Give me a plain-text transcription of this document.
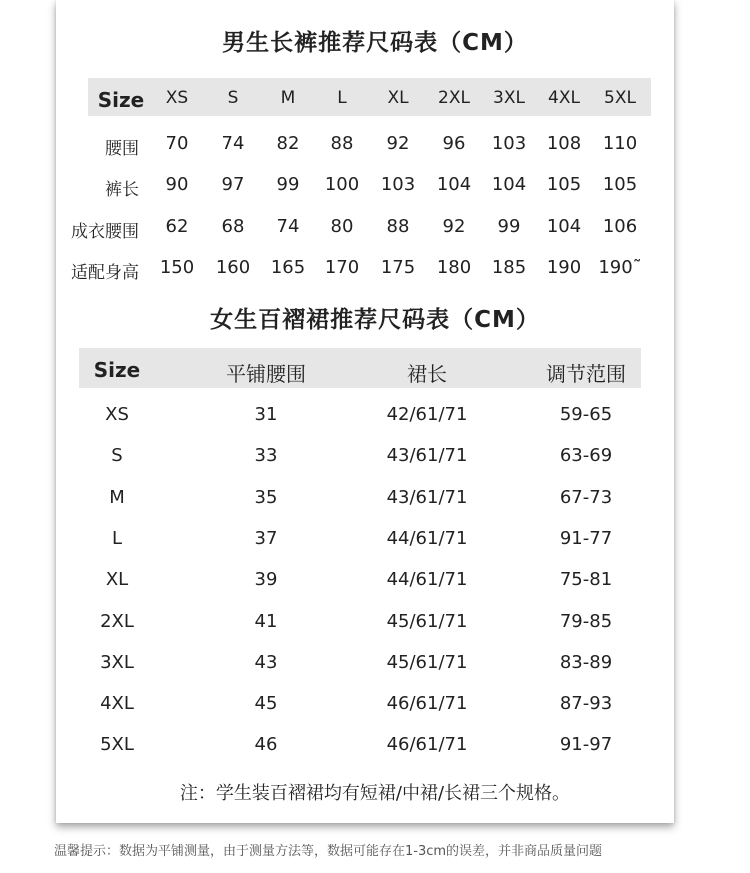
男生长裤推荐尺码表（CM）
Size XS S M L XL 2XL 3XL 4XL 5XL
腰围 70 74 82 88 92 96 103 108 110
裤长 90 97 99 100 103 104 104 105 105
成衣腰围 62 68 74 80 88 92 99 104 106
适配身高 150 160 165 170 175 180 185 190 190˜
女生百褶裙推荐尺码表（CM）
Size	平铺腰围	裙长	调节范围
XS	31	42/61/71	59-65
S	33	43/61/71	63-69
M	35	43/61/71	67-73
L	37	44/61/71	91-77
XL	39	44/61/71	75-81
2XL	41	45/61/71	79-85
3XL	43	45/61/71	83-89
4XL	45	46/61/71	87-93
5XL	46	46/61/71	91-97
注：学生装百褶裙均有短裙/中裙/长裙三个规格。
温馨提示：数据为平铺测量，由于测量方法等，数据可能存在1-3cm的误差，并非商品质量问题
